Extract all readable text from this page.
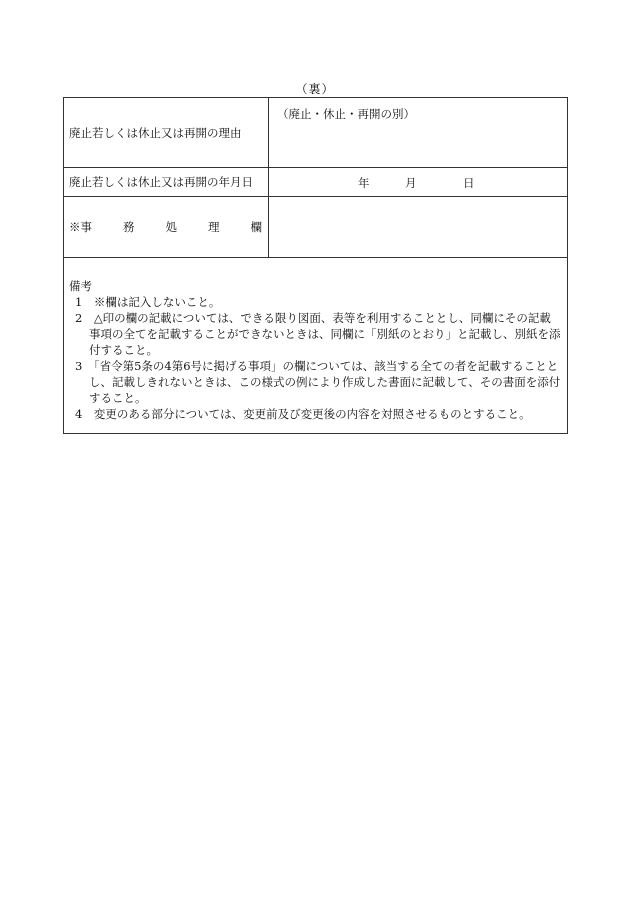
（裏）
廃止若しくは休止又は再開の理由	（廃止・休止・再開の別）
廃止若しくは休止又は再開の年月日	年 月 日

※事 務 処 理 欄	

備考
1　※欄は記入しないこと。
2　△印の欄の記載については、できる限り図面、表等を利用することとし、同欄にその記載事項の全てを記載することができないときは、同欄に「別紙のとおり」と記載し、別紙を添付すること。
3　「省令第5条の4第6号に掲げる事項」の欄については、該当する全ての者を記載することとし、記載しきれないときは、この様式の例により作成した書面に記載して、その書面を添付すること。
4　変更のある部分については、変更前及び変更後の内容を対照させるものとすること。	
